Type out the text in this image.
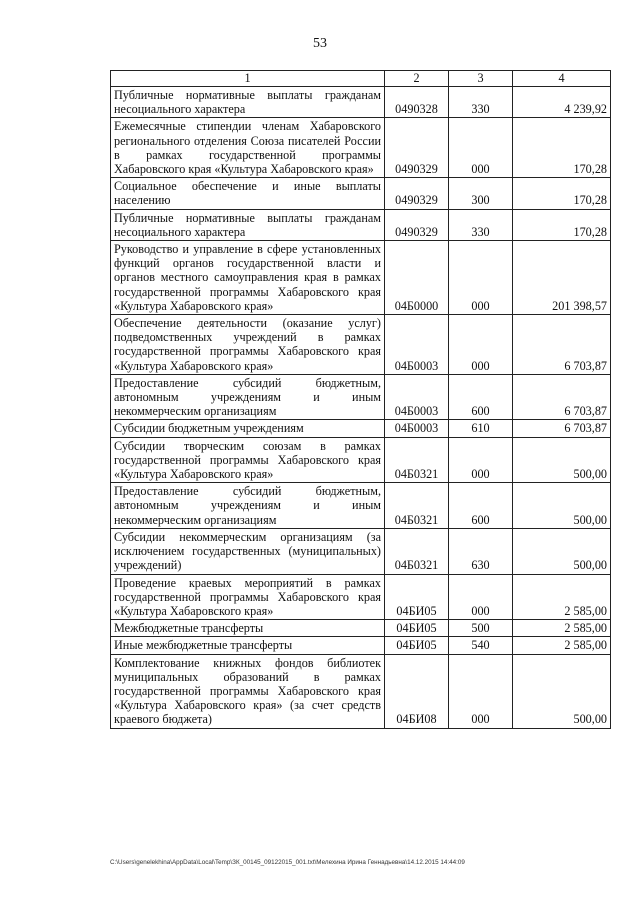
53
1	2	3	4
Публичные нормативные выплаты гражданам несоциального характера	0490328	330	4 239,92
Ежемесячные стипендии членам Хабаровского регионального отделения Союза писателей России в рамках государственной программы Хабаровского края «Культура Хабаровского края»	0490329	000	170,28
Социальное обеспечение и иные выплаты населению	0490329	300	170,28
Публичные нормативные выплаты гражданам несоциального характера	0490329	330	170,28
Руководство и управление в сфере установленных функций органов государственной власти и органов местного самоуправления края в рамках государственной программы Хабаровского края «Культура Хабаровского края»	04Б0000	000	201 398,57
Обеспечение деятельности (оказание услуг) подведомственных учреждений в рамках государственной программы Хабаровского края «Культура Хабаровского края»	04Б0003	000	6 703,87
Предоставление субсидий бюджетным, автономным учреждениям и иным некоммерческим организациям	04Б0003	600	6 703,87
Субсидии бюджетным учреждениям	04Б0003	610	6 703,87
Субсидии творческим союзам в рамках государственной программы Хабаровского края «Культура Хабаровского края»	04Б0321	000	500,00
Предоставление субсидий бюджетным, автономным учреждениям и иным некоммерческим организациям	04Б0321	600	500,00
Субсидии некоммерческим организациям (за исключением государственных (муниципальных) учреждений)	04Б0321	630	500,00
Проведение краевых мероприятий в рамках государственной программы Хабаровского края «Культура Хабаровского края»	04БИ05	000	2 585,00
Межбюджетные трансферты	04БИ05	500	2 585,00
Иные межбюджетные трансферты	04БИ05	540	2 585,00
Комплектование книжных фондов библиотек муниципальных образований в рамках государственной программы Хабаровского края «Культура Хабаровского края» (за счет средств краевого бюджета)	04БИ08	000	500,00
C:\Users\genelekhina\AppData\Local\Temp\ЗК_00145_09122015_001.txt\Мелехина Ирина Геннадьевна\14.12.2015 14:44:09
